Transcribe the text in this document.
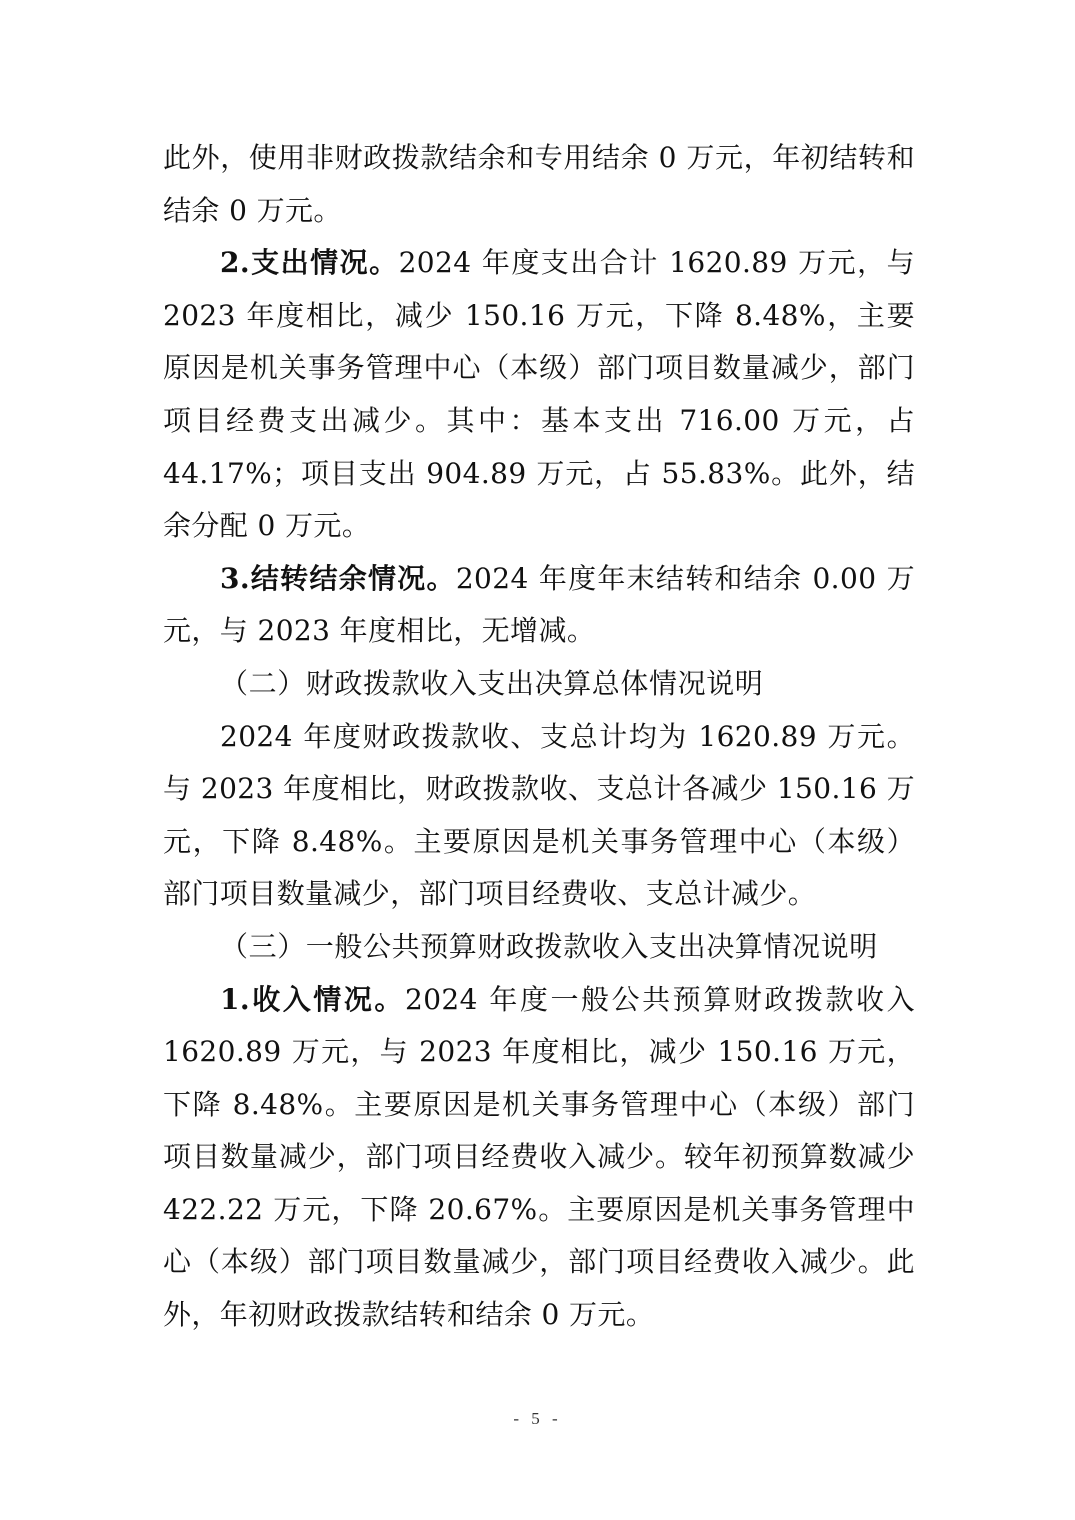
此外，使用非财政拨款结余和专用结余 0 万元，年初结转和结余 0 万元。

2.支出情况。2024 年度支出合计 1620.89 万元，与 2023 年度相比，减少 150.16 万元，下降 8.48%，主要原因是机关事务管理中心（本级）部门项目数量减少，部门项目经费支出减少。其中：基本支出 716.00 万元，占 44.17%；项目支出 904.89 万元，占 55.83%。此外，结余分配 0 万元。

3.结转结余情况。2024 年度年末结转和结余 0.00 万元，与 2023 年度相比，无增减。

（二）财政拨款收入支出决算总体情况说明

2024 年度财政拨款收、支总计均为 1620.89 万元。与 2023 年度相比，财政拨款收、支总计各减少 150.16 万元，下降 8.48%。主要原因是机关事务管理中心（本级）部门项目数量减少，部门项目经费收、支总计减少。

（三）一般公共预算财政拨款收入支出决算情况说明

1.收入情况。2024 年度一般公共预算财政拨款收入 1620.89 万元，与 2023 年度相比，减少 150.16 万元，下降 8.48%。主要原因是机关事务管理中心（本级）部门项目数量减少，部门项目经费收入减少。较年初预算数减少 422.22 万元，下降 20.67%。主要原因是机关事务管理中心（本级）部门项目数量减少，部门项目经费收入减少。此外，年初财政拨款结转和结余 0 万元。

- 5 -
